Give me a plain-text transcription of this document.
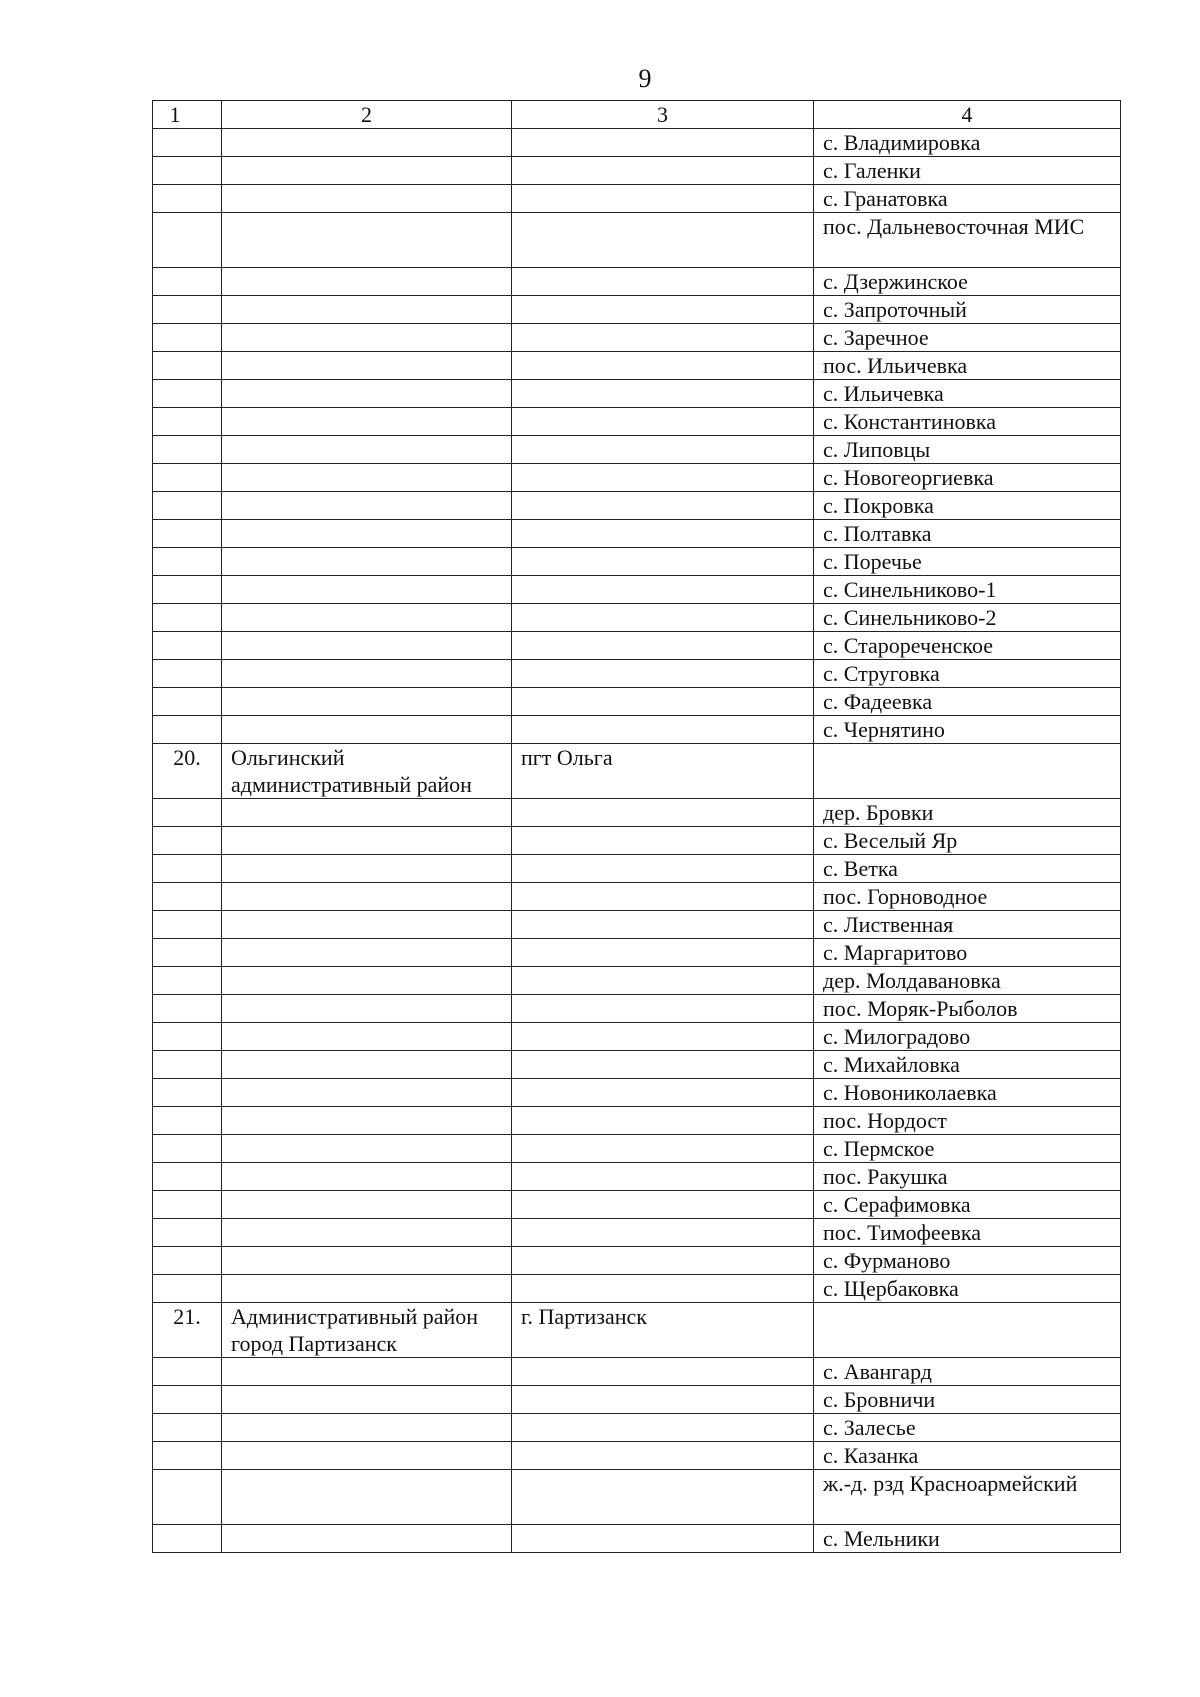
9
1	2	3	4
			с. Владимировка
			с. Галенки
			с. Гранатовка
			пос. Дальневосточная МИС
			с. Дзержинское
			с. Запроточный
			с. Заречное
			пос. Ильичевка
			с. Ильичевка
			с. Константиновка
			с. Липовцы
			с. Новогеоргиевка
			с. Покровка
			с. Полтавка
			с. Поречье
			с. Синельниково-1
			с. Синельниково-2
			с. Старореченское
			с. Струговка
			с. Фадеевка
			с. Чернятино
20.	Ольгинский административный район	пгт Ольга	
			дер. Бровки
			с. Веселый Яр
			с. Ветка
			пос. Горноводное
			с. Лиственная
			с. Маргаритово
			дер. Молдавановка
			пос. Моряк-Рыболов
			с. Милоградово
			с. Михайловка
			с. Новониколаевка
			пос. Нордост
			с. Пермское
			пос. Ракушка
			с. Серафимовка
			пос. Тимофеевка
			с. Фурманово
			с. Щербаковка
21.	Административный район город Партизанск	г. Партизанск	
			с. Авангард
			с. Бровничи
			с. Залесье
			с. Казанка
			ж.-д. рзд Красноармейский
			с. Мельники
